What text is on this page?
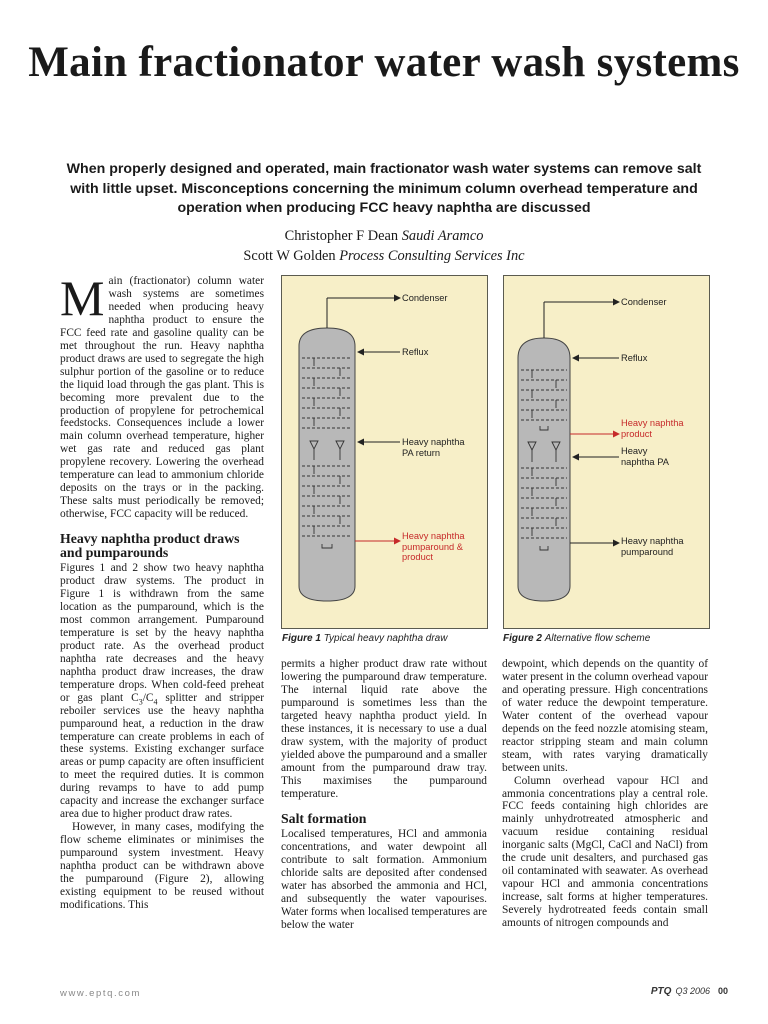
Main fractionator water wash systems
When properly designed and operated, main fractionator wash water systems can remove salt with little upset. Misconceptions concerning the minimum column overhead temperature and operation when producing FCC heavy naphtha are discussed
Christopher F Dean Saudi Aramco
Scott W Golden Process Consulting Services Inc

Main (fractionator) column water wash systems are sometimes needed when producing heavy naphtha product to ensure the FCC feed rate and gasoline quality can be met throughout the run. Heavy naphtha product draws are used to segregate the high sulphur portion of the gasoline or to reduce the liquid load through the gas plant. This is becoming more prevalent due to the production of propylene for petrochemical feedstocks. Consequences include a lower main column overhead temperature, higher wet gas rate and reduced gas plant propylene recovery. Lowering the overhead temperature can lead to ammonium chloride deposits on the trays or in the packing. These salts must periodically be removed; otherwise, FCC capacity will be reduced.

Heavy naphtha product draws and pumparounds

Figures 1 and 2 show two heavy naphtha product draw systems. The product in Figure 1 is withdrawn from the same location as the pumparound, which is the most common arrangement. Pumparound temperature is set by the heavy naphtha product rate. As the overhead product naphtha rate decreases and the heavy naphtha product draw increases, the draw temperature drops. When cold-feed preheat or gas plant $C_3/C_4$ splitter and stripper reboiler services use the heavy naphtha pumparound heat, a reduction in the draw temperature can create problems in each of these systems. Existing exchanger surface areas or pump capacity are often insufficient to meet the required duties. It is common during revamps to have to add pump capacity and increase the exchanger surface area due to higher product draw rates.

However, in many cases, modifying the flow scheme eliminates or minimises the pumparound system investment. Heavy naphtha product can be withdrawn above the pumparound (Figure 2), allowing existing equipment to be reused without modifications. This

Condenser
Reflux
Heavy naphtha PA return
Heavy naphtha pumparound & product
Figure 1 Typical heavy naphtha draw
Condenser
Reflux
Heavy naphtha product
Heavy naphtha PA
Heavy naphtha pumparound
Figure 2 Alternative flow scheme

permits a higher product draw rate without lowering the pumparound draw temperature. The internal liquid rate above the pumparound is sometimes less than the targeted heavy naphtha product yield. In these instances, it is necessary to use a dual draw system, with the majority of product yielded above the pumparound and a smaller amount from the pumparound draw tray. This maximises the pumparound temperature.

Salt formation

Localised temperatures, HCl and ammonia concentrations, and water dewpoint all contribute to salt formation. Ammonium chloride salts are deposited after condensed water has absorbed the ammonia and HCl, and subsequently the water vapourises. Water forms when localised temperatures are below the water

dewpoint, which depends on the quantity of water present in the column overhead vapour and operating pressure. High concentrations of water reduce the dewpoint temperature. Water content of the overhead vapour depends on the feed nozzle atomising steam, reactor stripping steam and main column steam, with rates varying dramatically between units.

Column overhead vapour HCl and ammonia concentrations play a central role. FCC feeds containing high chlorides are mainly unhydrotreated atmospheric and vacuum residue containing residual inorganic salts (MgCl, CaCl and NaCl) from the crude unit desalters, and purchased gas oil contaminated with seawater. As overhead vapour HCl and ammonia concentrations increase, salt forms at higher temperatures. Severely hydrotreated feeds contain small amounts of nitrogen compounds and

www.eptq.com	PTQ Q3 2006 00
